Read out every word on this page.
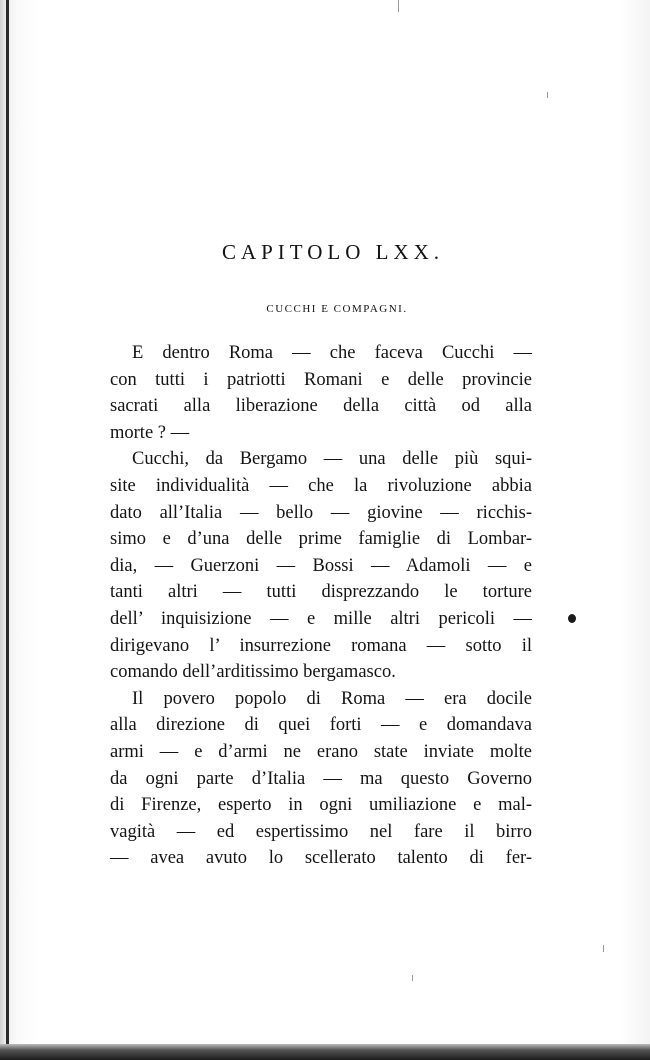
CAPITOLO LXX.
CUCCHI E COMPAGNI.
E dentro Roma — che faceva Cucchi —
con tutti i patriotti Romani e delle provincie
sacrati alla liberazione della città od alla
morte ? —
Cucchi, da Bergamo — una delle più squi-
site individualità — che la rivoluzione abbia
dato all’Italia — bello — giovine — ricchis-
simo e d’una delle prime famiglie di Lombar-
dia, — Guerzoni — Bossi — Adamoli — e
tanti altri — tutti disprezzando le torture
dell’ inquisizione — e mille altri pericoli —
dirigevano l’ insurrezione romana — sotto il
comando dell’arditissimo bergamasco.
Il povero popolo di Roma — era docile
alla direzione di quei forti — e domandava
armi — e d’armi ne erano state inviate molte
da ogni parte d’Italia — ma questo Governo
di Firenze, esperto in ogni umiliazione e mal-
vagità — ed espertissimo nel fare il birro
— avea avuto lo scellerato talento di fer-
